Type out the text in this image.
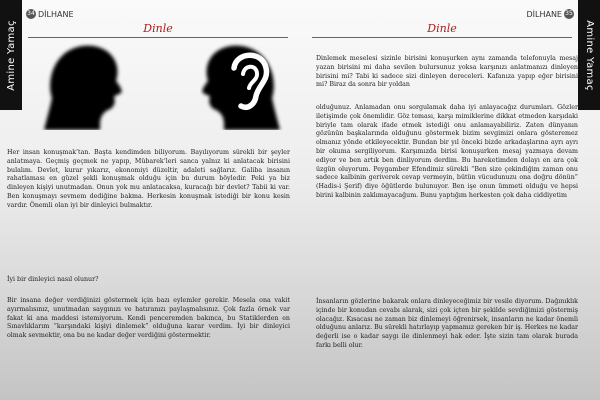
Amine Yamaç
34 DİLHANE
Dinle

Her insan konuşmak’tan. Başta kendimden biliyorum. Bayılıyorum sürekli bir şeyler anlatmaya. Geçmiş geçmek ne yapıp, Mübarek’leri sanca yalnız ki anlatacak birisini bulalım. Devlet, kurar yıkarız, ekonomiyi düzeltir, adaleti sağlarız. Galiba insanın rahatlaması en güzel şekli konuşmak olduğu için bu durum böyledir. Peki ya biz dinleyen kişiyi unutmadan. Onun yok mu anlatacaksa, kuracağı bir devlet? Tabii ki var. Ben konuşmayı sevmem dediğine bakma. Herkesin konuşmak istediği bir konu kesin vardır. Önemli olan iyi bir dinleyici bulmaktır.

İyi bir dinleyici nasıl olunur?

Bir insana değer verdiğinizi göstermek için bazı eylemler gerekir. Mesela ona vakit ayırmalısınız, unutmadan saygınızı ve hatıranızı paylaşmalısınız. Çok fazla örnek var fakat ki ana maddesi istemiyorum. Kendi penceremden bakınca, bu Statiklerden en Sınavlıklarım “karşındaki kişiyi dinlemek” olduğuna karar verdim. İyi bir dinleyici olmak sevmektir, ona bu ne kadar değer verdiğini göstermektir.

Amine Yamaç
DİLHANE 35
Dinle

Dinlemek meselesi sizinle birisini konuşurken aynı zamanda telefonuyla mesaj yazan birisini mi daha sevilen bulursunuz yoksa karşınızı anlatmanızı dinleyen birisini mi? Tabi ki sadece sizi dinleyen dereceleri. Kafanıza yapıp eğer birisini mi? Biraz da sonra bir yoldan

olduğunuz. Anlamadan onu sorgulamak daha iyi anlayacağız durumları. Gözler iletişimde çok önemlidir. Göz teması, karşı mimiklerine dikkat etmeden karşıdaki biriyle tam olarak ifade etmek istediği onu anlamayabiliriz. Zaten dünyanın gözünün başkalarında olduğunu göstermek bizim sevgimizi onlara gösteremez olmanız yönde etkileyecektir. Bundan bir yıl önceki bizde arkadaşlarına ayrı ayrı bir okuma sergiliyorum. Karşımızda birisi konuşurken mesaj yazmaya devam ediyor ve ben artık ben dinliyorum derdim. Bu hareketimden dolayı en ara çok üzgün oluyorum. Peygamber Efendimiz sürekli “Ben size çekindiğim zaman onu sadece kalbinin geriverek cevap vermeyin, bütün vücudunuzu ona doğru dönün” (Hadis-i Şerif) diye öğütlerde bulunuyor. Ben işe onun ümmeti olduğu ve hepsi birini kalbinin zaklımayacağum. Bunu yaptığım herkesten çok daha ciddiyetim

İnsanların gözlerine bakarak onlara dinleyeceğimiz bir vesile diyorum. Dağınıklık içinde bir konudan cevabı alarak, sizi çok içten bir şekilde sevdiğimizi göstermiş olacağız. Kısacası ne zaman biz dinlemeyi öğrenirsek, insanların ne kadar önemli olduğunu anlarız. Bu sürekli hatırlayıp yapmamız gereken bir iş. Herkes ne kadar değerli ise o kadar saygı ile dinlenmeyi hak eder. İşte sizin tam olarak burada farkı belli olur.
